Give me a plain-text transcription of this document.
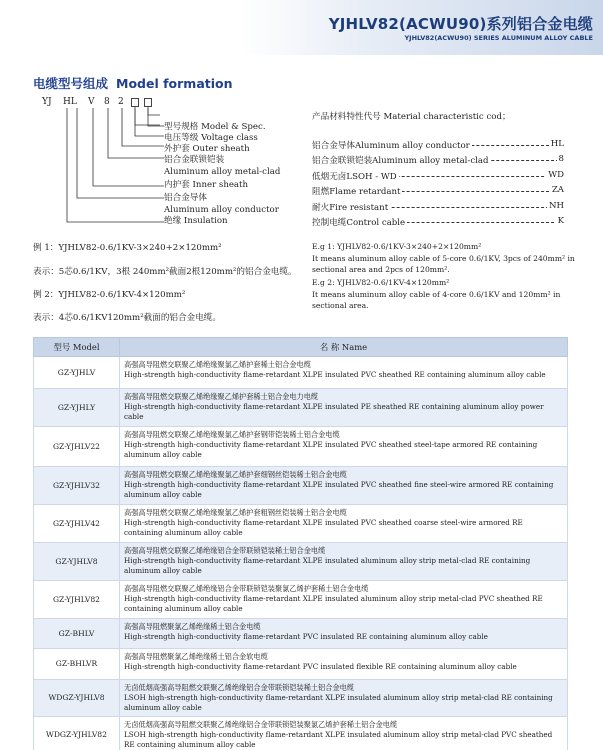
YJHLV82(ACWU90)系列铝合金电缆
YJHLV82(ACWU90) SERIES ALUMINUM ALLOY CABLE
电缆型号组成 Model formation
YJ HL V 8 2
型号规格 Model & Spec.
电压等级 Voltage class
外护套 Outer sheath
铝合金联锁铠装
Aluminum alloy metal-clad
内护套 Inner sheath
铝合金导体
Aluminum alloy conductor
绝缘 Insulation
产品材料特性代号 Material characteristic cod；
铝合金导体Aluminum alloy conductor	HL
铝合金联锁铠装Aluminum alloy metal-clad	8
低烟无卤LSOH - WD	WD
阻燃Flame retardant	ZA
耐火Fire resistant	NH
控制电缆Control cable	K
例 1：YJHLV82-0.6/1KV-3×240+2×120mm²
表示：5芯0.6/1KV，3根 240mm²截面2根120mm²的铝合金电缆。
例 2：YJHLV82-0.6/1KV-4×120mm²
表示：4芯0.6/1KV120mm²截面的铝合金电缆。
E.g 1: YJHLV82-0.6/1KV-3×240+2×120mm²
It means aluminum alloy cable of 5-core 0.6/1KV, 3pcs of 240mm² in sectional area and 2pcs of 120mm².
E.g 2: YJHLV82-0.6/1KV-4×120mm²
It means aluminum alloy cable of 4-core 0.6/1KV and 120mm² in sectional area.
型号 Model	名 称 Name
GZ-YJHLV	高强高导阻燃交联聚乙烯绝缘聚氯乙烯护套稀土铝合金电缆
High-strength high-conductivity flame-retardant XLPE insulated PVC sheathed RE containing aluminum alloy cable
GZ-YJHLY	高强高导阻燃交联聚乙烯绝缘聚乙烯护套稀土铝合金电力电缆
High-strength high-conductivity flame-retardant XLPE insulated PE sheathed RE containing aluminum alloy power cable
GZ-YJHLV22	高强高导阻燃交联聚乙烯绝缘聚氯乙烯护套钢带铠装稀土铝合金电缆
High-strength high-conductivity flame-retardant XLPE insulated PVC sheathed steel-tape armored RE containing aluminum alloy cable
GZ-YJHLV32	高强高导阻燃交联聚乙烯绝缘聚氯乙烯护套细钢丝铠装稀土铝合金电缆
High-strength high-conductivity flame-retardant XLPE insulated PVC sheathed fine steel-wire armored RE containing aluminum alloy cable
GZ-YJHLV42	高强高导阻燃交联聚乙烯绝缘聚氯乙烯护套粗钢丝铠装稀土铝合金电缆
High-strength high-conductivity flame-retardant XLPE insulated PVC sheathed coarse steel-wire armored RE containing aluminum alloy cable
GZ-YJHLV8	高强高导阻燃交联聚乙烯绝缘铝合金带联锁铠装稀土铝合金电缆
High-strength high-conductivity flame-retardant XLPE insulated aluminum alloy strip metal-clad RE containing aluminum alloy cable
GZ-YJHLV82	高强高导阻燃交联聚乙烯绝缘铝合金带联锁铠装聚氯乙烯护套稀土铝合金电缆
High-strength high-conductivity flame-retardant XLPE insulated aluminum alloy strip metal-clad PVC sheathed RE containing aluminum alloy cable
GZ-BHLV	高强高导阻燃聚氯乙烯绝缘稀土铝合金电缆
High-strength high-conductivity flame-retardant PVC insulated RE containing aluminum alloy cable
GZ-BHLVR	高强高导阻燃聚氯乙烯绝缘稀土铝合金软电缆
High-strength high-conductivity flame-retardant PVC insulated flexible RE containing aluminum alloy cable
WDGZ-YJHLV8	无卤低烟高强高导阻燃交联聚乙烯绝缘铝合金带联锁铠装稀土铝合金电缆
LSOH high-strength high-conductivity flame-retardant XLPE insulated aluminum alloy strip metal-clad RE containing aluminum alloy cable
WDGZ-YJHLV82	无卤低烟高强高导阻燃交联聚乙烯绝缘铝合金带联锁铠装聚氯乙烯护套稀土铝合金电缆
LSOH high-strength high-conductivity flame-retardant XLPE insulated aluminum alloy strip metal-clad PVC sheathed RE containing aluminum alloy cable
